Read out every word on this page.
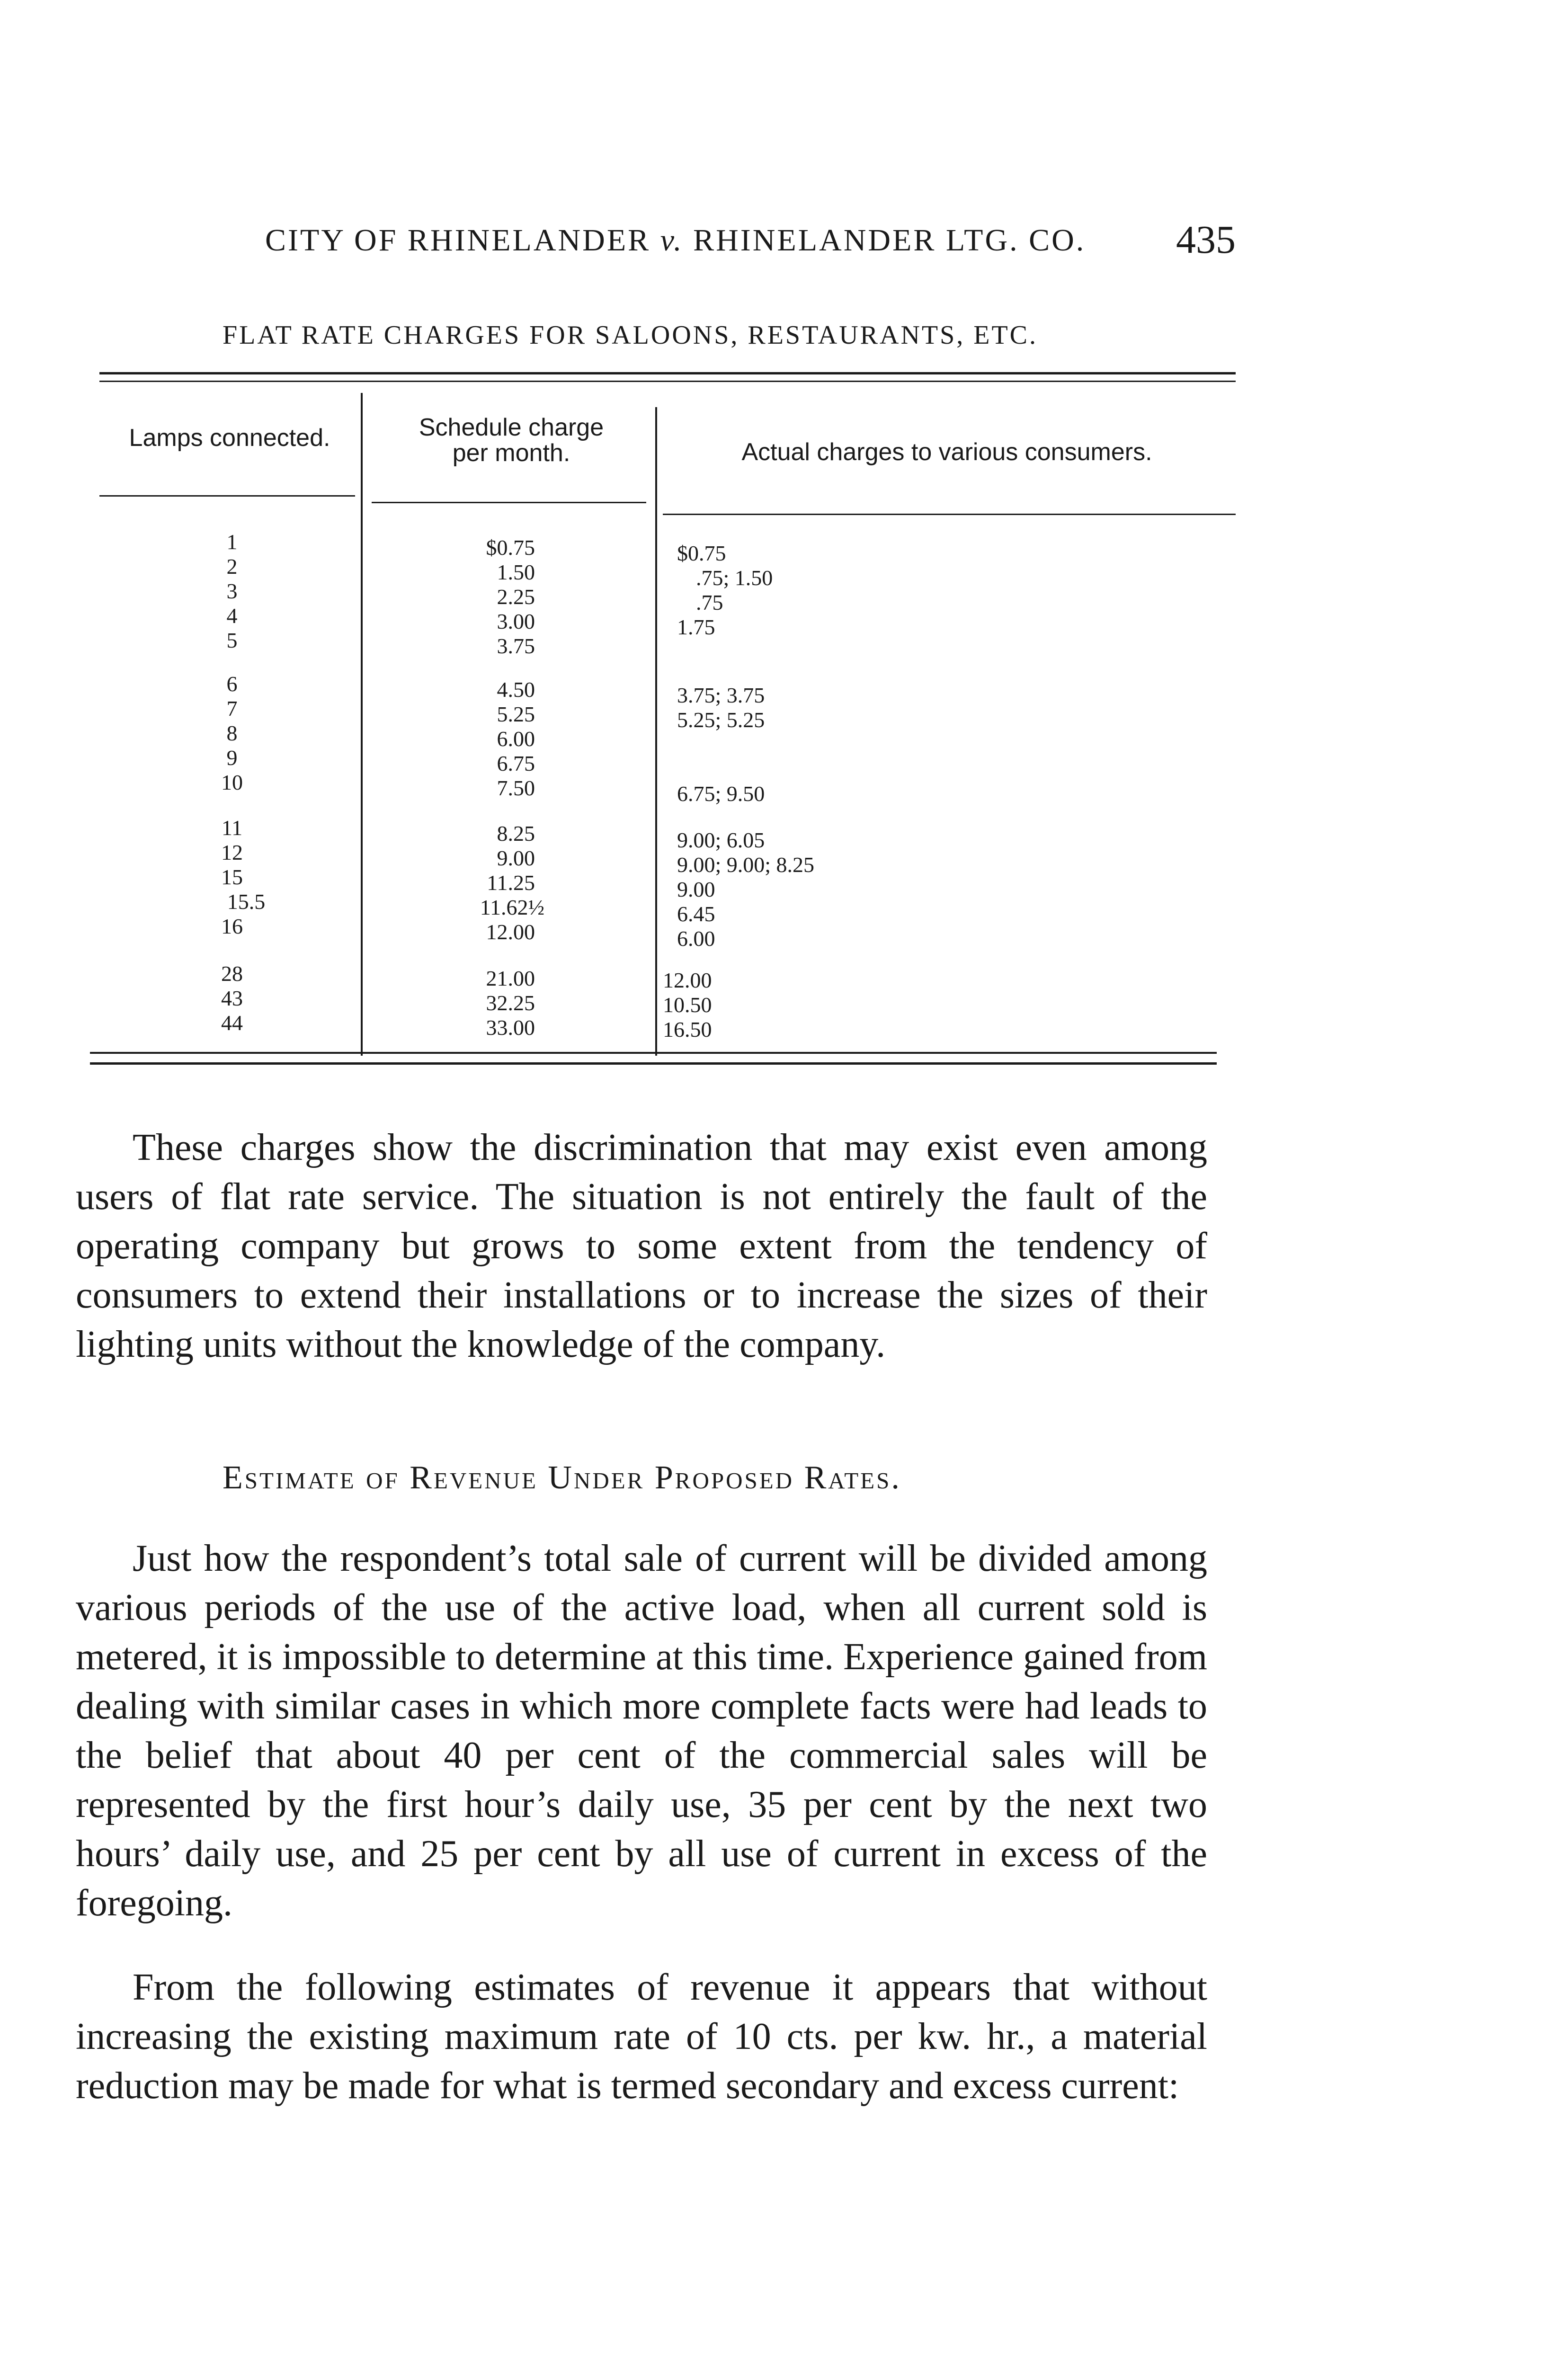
CITY OF RHINELANDER v. RHINELANDER LTG. CO. 435
FLAT RATE CHARGES FOR SALOONS, RESTAURANTS, ETC.
Lamps connected.	Schedule charge
per month.	Actual charges to various consumers.
1
2
3
4
5
6
7
8
9
10
11
12
15
15.5
16
28
43
44
$0.75
1.50
2.25
3.00
3.75
4.50
5.25
6.00
6.75
7.50
8.25
9.00
11.25
11.62½
12.00
21.00
32.25
33.00
$0.75
.75; 1.50
.75
1.75
3.75; 3.75
5.25; 5.25
6.75; 9.50
9.00; 6.05
9.00; 9.00; 8.25
9.00
6.45
6.00
12.00
10.50
16.50

These charges show the discrimination that may exist even among users of flat rate service. The situation is not entirely the fault of the operating company but grows to some extent from the tendency of consumers to extend their installations or to increase the sizes of their lighting units without the knowledge of the company.

Estimate of Revenue Under Proposed Rates.

Just how the respondent’s total sale of current will be divided among various periods of the use of the active load, when all current sold is metered, it is impossible to determine at this time. Experience gained from dealing with similar cases in which more complete facts were had leads to the belief that about 40 per cent of the commercial sales will be represented by the first hour’s daily use, 35 per cent by the next two hours’ daily use, and 25 per cent by all use of current in excess of the foregoing.

From the following estimates of revenue it appears that without increasing the existing maximum rate of 10 cts. per kw. hr., a material reduction may be made for what is termed secondary and excess current:
